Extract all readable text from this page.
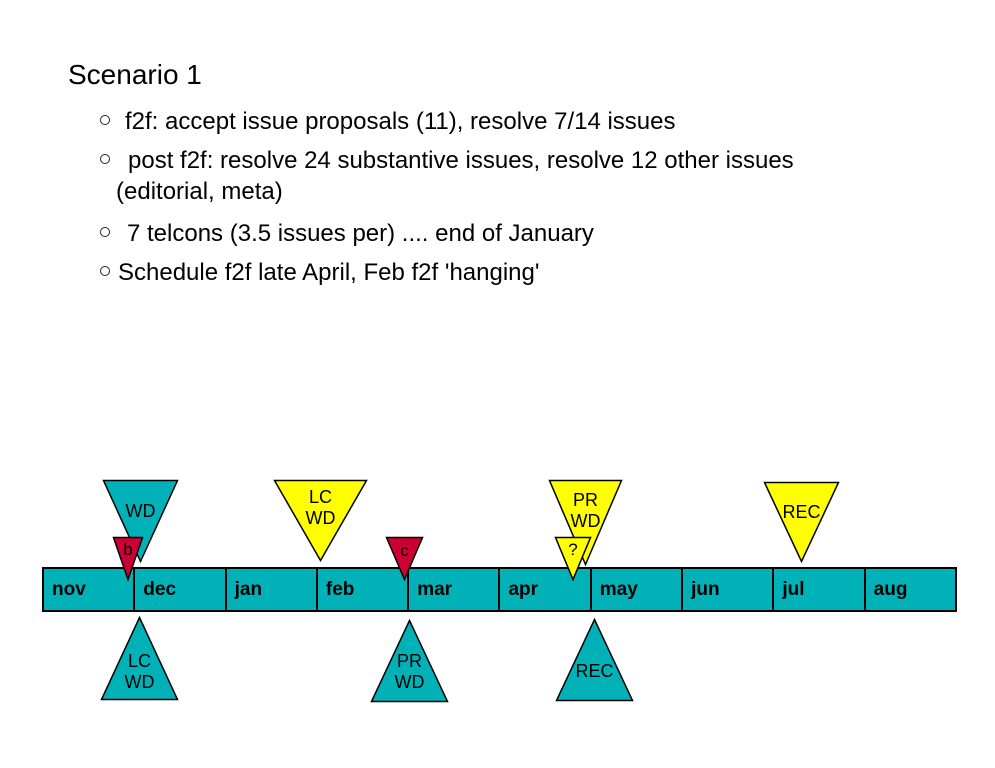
Scenario 1
f2f: accept issue proposals (11), resolve 7/14 issues
post f2f: resolve 24 substantive issues, resolve 12 other issues
(editorial, meta)
7 telcons (3.5 issues per) .... end of January
Schedule f2f late April, Feb f2f 'hanging'
nov	dec	jan	feb	mar	apr	may	jun	jul	aug
WD
LC
WD
PR
WD	REC
b	c	?
LC
WD
PR
WD
REC
